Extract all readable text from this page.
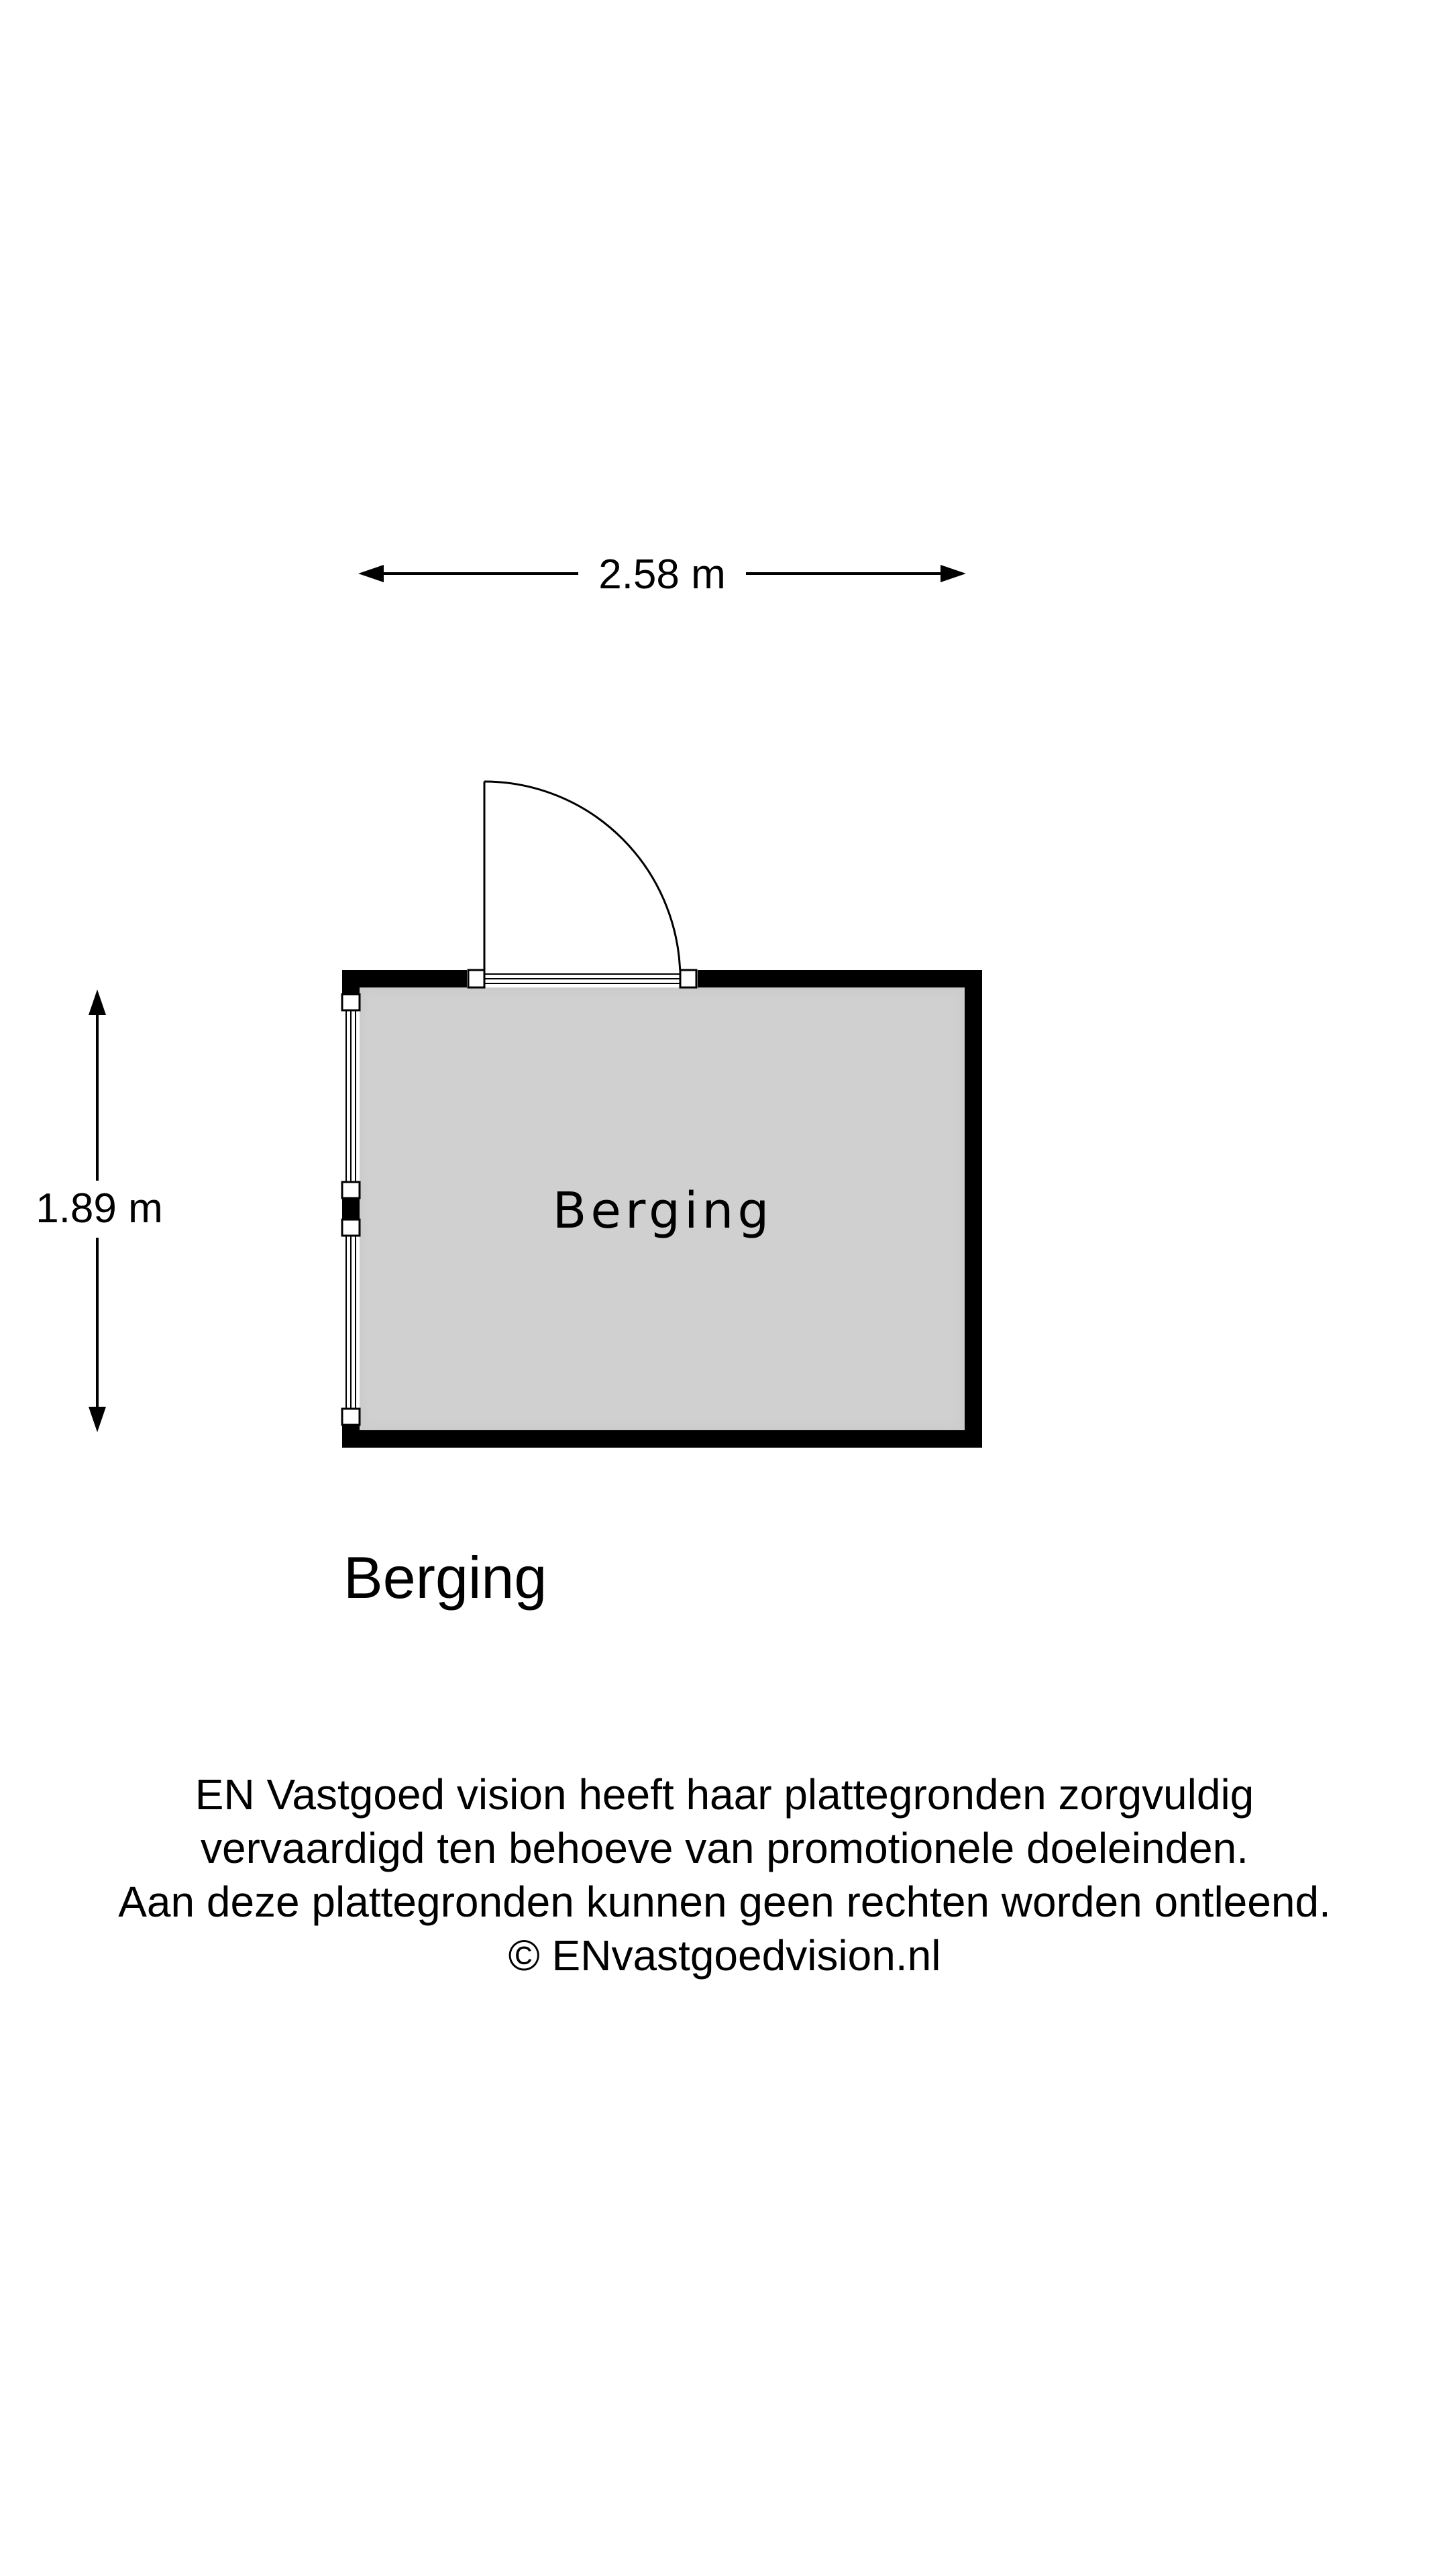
2.58 m
1.89 m	Berging
Berging
EN Vastgoed vision heeft haar plattegronden zorgvuldig
vervaardigd ten behoeve van promotionele doeleinden.
Aan deze plattegronden kunnen geen rechten worden ontleend.
© ENvastgoedvision.nl
